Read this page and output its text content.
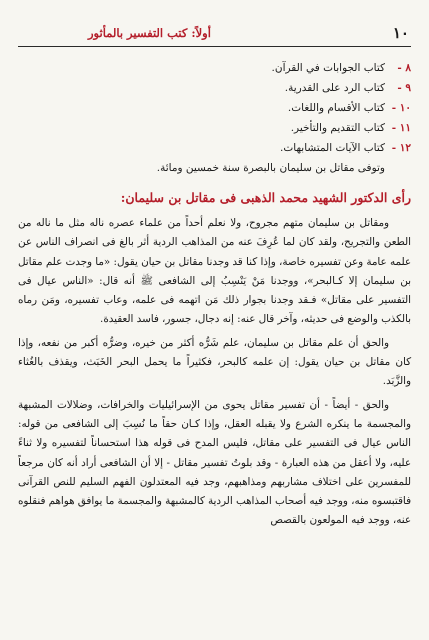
١٠
أولاً: كتب التفسير بالمأثور
٨ -
كتاب الجوابات في القرآن.
٩ -
كتاب الرد على القدرية.
١٠ -
كتاب الأقسام واللغات.
١١ -
كتاب التقديم والتأخير.
١٢ -
كتاب الآيات المتشابهات.

وتوفى مقاتل بن سليمان بالبصرة سنة خمسين ومائة.

رأى الدكتور الشهيد محمد الذهبى فى مقاتل بن سليمان:

ومقاتل بن سليمان متهم مجروح، ولا نعلم أحداً من علماء عصره ناله مثل ما ناله من الطعن والتجريح، ولقد كان لما عُرِفَ عنه من المذاهب الردية أثر بالغ فى انصراف الناس عن علمه عامة وعن تفسيره خاصة، وإذا كنا قد وجدنا مقاتل بن حيان يقول: «ما وجدت علم مقاتل بن سليمان إلا كـالبحر»، ووجدنا مَنْ يَنْسِبُ إلى الشافعى ﷺ أنه قال: «الناس عيال فى التفسير على مقاتل» فـقد وجدنا بجوار ذلك مَن اتهمه فى علمه، وعاب تفسيره، ومَن رماه بالكذب والوضع فى حديثه، وآخر قال عنه: إنه دجال، جسور، فاسد العقيدة.

والحق أن علم مقاتل بن سليمان، علم شَرُّه أكثر من خيره، وضرُّه أكبر من نفعه، وإذا كان مقاتل بن حيان يقول: إن علمه كالبحر، فكثيراً ما يحمل البحر الخَبَث، ويقذف بالغُثاء والزَّبَد.

والحق - أيضاً - أن تفسير مقاتل يحوى من الإسرائيليات والخرافات، وضلالات المشبهة والمجسمة ما ينكره الشرع ولا يقبله العقل، وإذا كـان حقاً ما نُسِبَ إلى الشافعى من قوله: الناس عيال فى التفسير على مقاتل، فليس المدح فى قوله هذا استحساناً لتفسيره ولا ثناءً عليه، ولا أعقل من هذه العبارة - وقد بلوتُ تفسير مقاتل - إلا أن الشافعى أراد أنه كان مرجعاً للمفسرين على اختلاف مشاربهم ومذاهبهم، وجد فيه المعتدلون الفهم السليم للنص القرآنى فاقتبسوه منه، ووجد فيه أصحاب المذاهب الردية كالمشبهة والمجسمة ما يوافق هواهم فنقلوه عنه، ووجد فيه المولعون بالقصص
